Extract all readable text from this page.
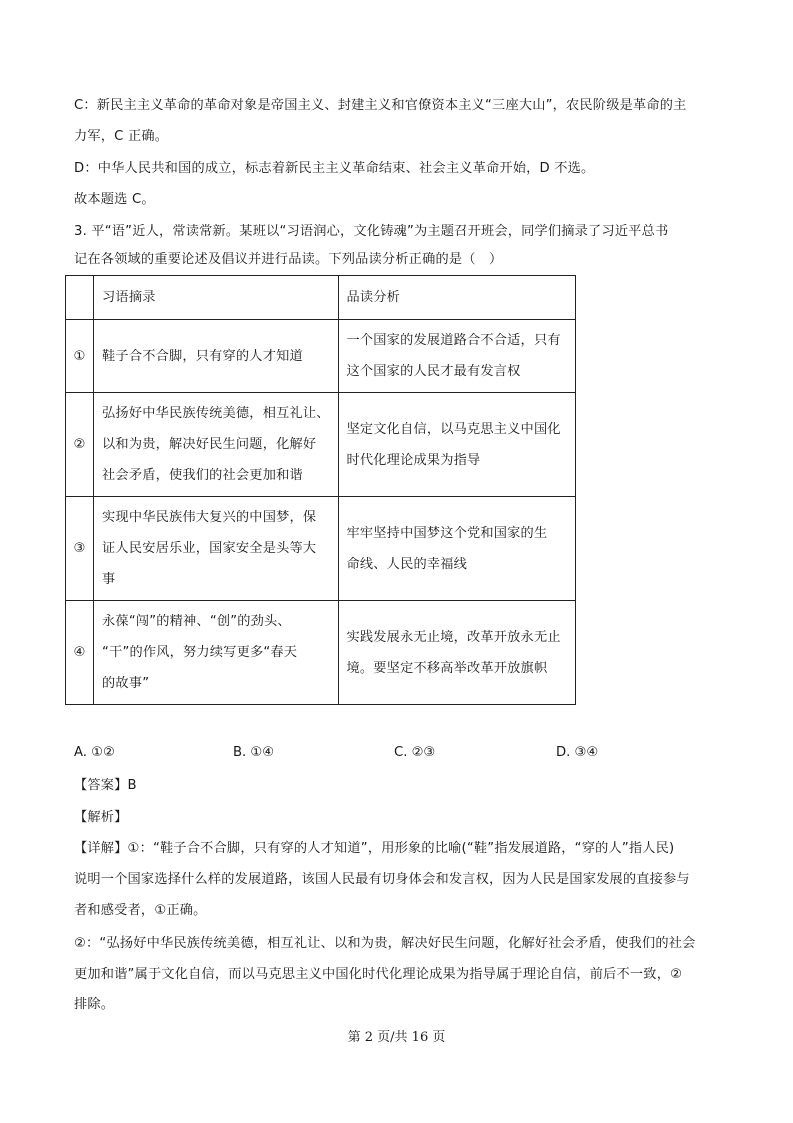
C：新民主主义革命的革命对象是帝国主义、封建主义和官僚资本主义“三座大山”，农民阶级是革命的主
力军，C 正确。
D：中华人民共和国的成立，标志着新民主主义革命结束、社会主义革命开始，D 不选。
故本题选 C。
3. 平“语”近人，常读常新。某班以“习语润心，文化铸魂”为主题召开班会，同学们摘录了习近平总书
记在各领域的重要论述及倡议并进行品读。下列品读分析正确的是（　）
	习语摘录	品读分析
①	鞋子合不合脚，只有穿的人才知道	一个国家的发展道路合不合适，只有
这个国家的人民才最有发言权

②	弘扬好中华民族传统美德，相互礼让、
以和为贵，解决好民生问题，化解好
社会矛盾，使我们的社会更加和谐	坚定文化自信，以马克思主义中国化
时代化理论成果为指导

③	实现中华民族伟大复兴的中国梦，保
证人民安居乐业，国家安全是头等大
事	牢牢坚持中国梦这个党和国家的生
命线、人民的幸福线

④	永葆“闯”的精神、“创”的劲头、
“干”的作风，努力续写更多“春天
的故事”	实践发展永无止境，改革开放永无止
境。要坚定不移高举改革开放旗帜
A. ①②	B. ①④	C. ②③	D. ③④
【答案】B
【解析】
【详解】①：“鞋子合不合脚，只有穿的人才知道”，用形象的比喻(“鞋”指发展道路，“穿的人”指人民)
说明一个国家选择什么样的发展道路，该国人民最有切身体会和发言权，因为人民是国家发展的直接参与
者和感受者，①正确。
②：“弘扬好中华民族传统美德，相互礼让、以和为贵，解决好民生问题，化解好社会矛盾，使我们的社会
更加和谐”属于文化自信，而以马克思主义中国化时代化理论成果为指导属于理论自信，前后不一致，②
排除。
第 2 页/共 16 页
